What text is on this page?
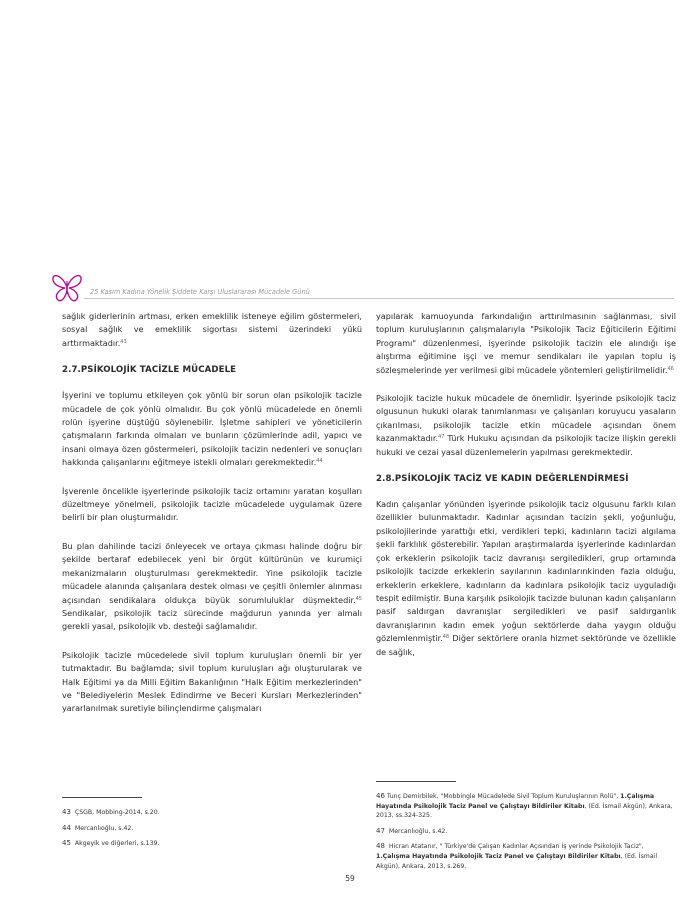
25 Kasım Kadına Yönelik Şiddete Karşı Uluslararası Mücadele Günü

sağlık giderlerinin artması, erken emeklilik isteneye eğilim göstermeleri, sosyal sağlık ve emeklilik sigortası sistemi üzerindeki yükü arttırmaktadır.$^{43}$

2.7.PSİKOLOJİK TACİZLE MÜCADELE

İşyerini ve toplumu etkileyen çok yönlü bir sorun olan psikolojik tacizle mücadele de çok yönlü olmalıdır. Bu çok yönlü mücadelede en önemli rolün işyerine düştüğü söylenebilir. İşletme sahipleri ve yöneticilerin çatışmaların farkında olmaları ve bunların çözümlerinde adil, yapıcı ve insani olmaya özen göstermeleri, psikolojik tacizin nedenleri ve sonuçları hakkında çalışanlarını eğitmeye istekli olmaları gerekmektedir.$^{44}$

İşverenle öncelikle işyerlerinde psikolojik taciz ortamını yaratan koşulları düzeltmeye yönelmeli, psikolojik tacizle mücadelede uygulamak üzere belirli bir plan oluşturmalıdır.

Bu plan dahilinde tacizi önleyecek ve ortaya çıkması halinde doğru bir şekilde bertaraf edebilecek yeni bir örgüt kültürünün ve kurumiçi mekanizmaların oluşturulması gerekmektedir. Yine psikolojik tacizle mücadele alanında çalışanlara destek olması ve çeşitli önlemler alınması açısından sendikalara oldukça büyük sorumluluklar düşmektedir.$^{45}$ Sendikalar, psikolojik taciz sürecinde mağdurun yanında yer almalı gerekli yasal, psikolojik vb. desteği sağlamalıdır.

Psikolojik tacizle mücedelede sivil toplum kuruluşları önemli bir yer tutmaktadır. Bu bağlamda; sivil toplum kuruluşları ağı oluşturularak ve Halk Eğitimi ya da Milli Eğitim Bakanlığının "Halk Eğitim merkezlerinden" ve "Belediyelerin Meslek Edindirme ve Beceri Kursları Merkezlerinden" yararlanılmak suretiyle bilinçlendirme çalışmaları

43 ÇSGB, Mobbing-2014, s.20.
44 Mercanlıoğlu, s.42.
45 Akgeyik ve diğerleri, s.139.

yapılarak kamuoyunda farkındalığın arttırılmasının sağlanması, sivil toplum kuruluşlarının çalışmalarıyla "Psikolojik Taciz Eğiticilerin Eğitimi Programı" düzenlenmesi, işyerinde psikolojik tacizin ele alındığı işe alıştırma eğitimine işçi ve memur sendikaları ile yapılan toplu iş sözleşmelerinde yer verilmesi gibi mücadele yöntemleri geliştirilmelidir.$^{46}$

Psikolojik tacizle hukuk mücadele de önemlidir. İşyerinde psikolojik taciz olgusunun hukuki olarak tanımlanması ve çalışanları koruyucu yasaların çıkarılması, psikolojik tacizle etkin mücadele açısından önem kazanmaktadır.$^{47}$ Türk Hukuku açısından da psikolojik tacize ilişkin gerekli hukuki ve cezai yasal düzenlemelerin yapılması gerekmektedir.

2.8.PSİKOLOJİK TACİZ VE KADIN DEĞERLENDİRMESİ

Kadın çalışanlar yönünden işyerinde psikolojik taciz olgusunu farklı kılan özellikler bulunmaktadır. Kadınlar açısından tacizin şekli, yoğunluğu, psikolojilerinde yarattığı etki, verdikleri tepki, kadınların tacizi algılama şekli farklılık gösterebilir. Yapılan araştırmalarda işyerlerinde kadınlardan çok erkeklerin psikolojik taciz davranışı sergiledikleri, grup ortamında psikolojik tacizde erkeklerin sayılarının kadınlarınkinden fazla olduğu, erkeklerin erkeklere, kadınların da kadınlara psikolojik taciz uyguladığı tespit edilmiştir. Buna karşılık psikolojik tacizde bulunan kadın çalışanların pasif saldırgan davranışlar sergiledikleri ve pasif saldırganlık davranışlarının kadın emek yoğun sektörlerde daha yaygın olduğu gözlemlenmiştir.$^{48}$ Diğer sektörlere oranla hizmet sektöründe ve özellikle de sağlık,

46 Tunç Demirbilek, "Mobbingle Mücadelede Sivil Toplum Kuruluşlarının Rolü", 1.Çalışma Hayatında Psikolojik Taciz Panel ve Çalıştayı Bildiriler Kitabı, (Ed. İsmail Akgün), Ankara, 2013, ss.324-325.
47 Mercanlıoğlu, s.42.
48 Hicran Atatanır, " Türkiye'de Çalışan Kadınlar Açısından İş yerinde Psikolojik Taciz", 1.Çalışma Hayatında Psikolojik Taciz Panel ve Çalıştayı Bildiriler Kitabı, (Ed. İsmail Akgün), Ankara, 2013, s.269.
59
